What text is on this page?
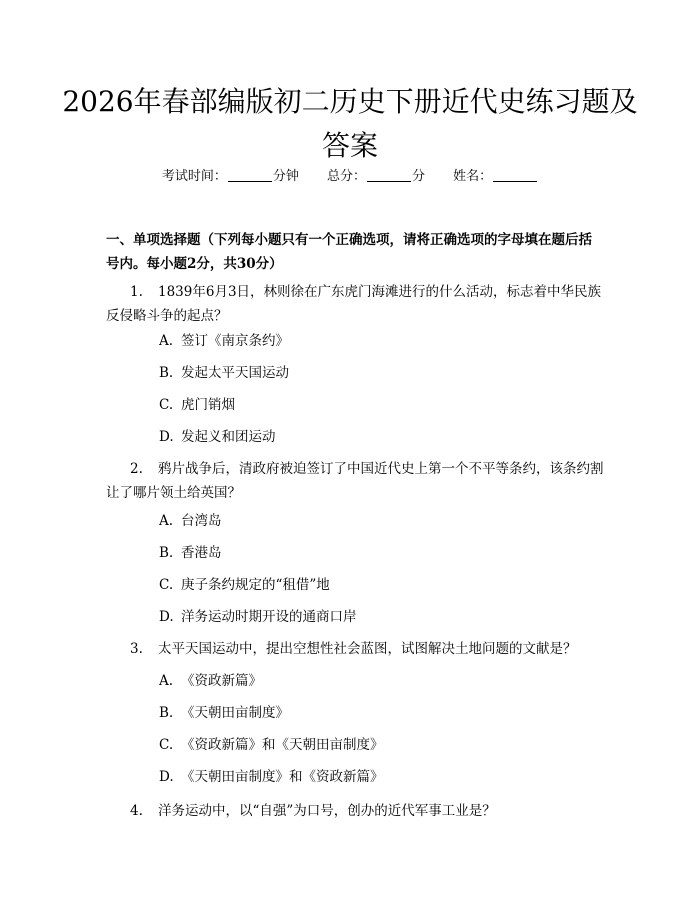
2026年春部编版初二历史下册近代史练习题及答案
考试时间：	分钟 总分：	分 姓名：

一、单项选择题（下列每小题只有一个正确选项，请将正确选项的字母填在题后括号内。每小题2分，共30分）

1. 1839年6月3日，林则徐在广东虎门海滩进行的什么活动，标志着中华民族反侵略斗争的起点？
A. 签订《南京条约》
B. 发起太平天国运动
C. 虎门销烟
D. 发起义和团运动
2. 鸦片战争后，清政府被迫签订了中国近代史上第一个不平等条约，该条约割让了哪片领土给英国？
A. 台湾岛
B. 香港岛
C. 庚子条约规定的“租借”地
D. 洋务运动时期开设的通商口岸
3. 太平天国运动中，提出空想性社会蓝图，试图解决土地问题的文献是？
A. 《资政新篇》
B. 《天朝田亩制度》
C. 《资政新篇》和《天朝田亩制度》
D. 《天朝田亩制度》和《资政新篇》
4. 洋务运动中，以“自强”为口号，创办的近代军事工业是？
